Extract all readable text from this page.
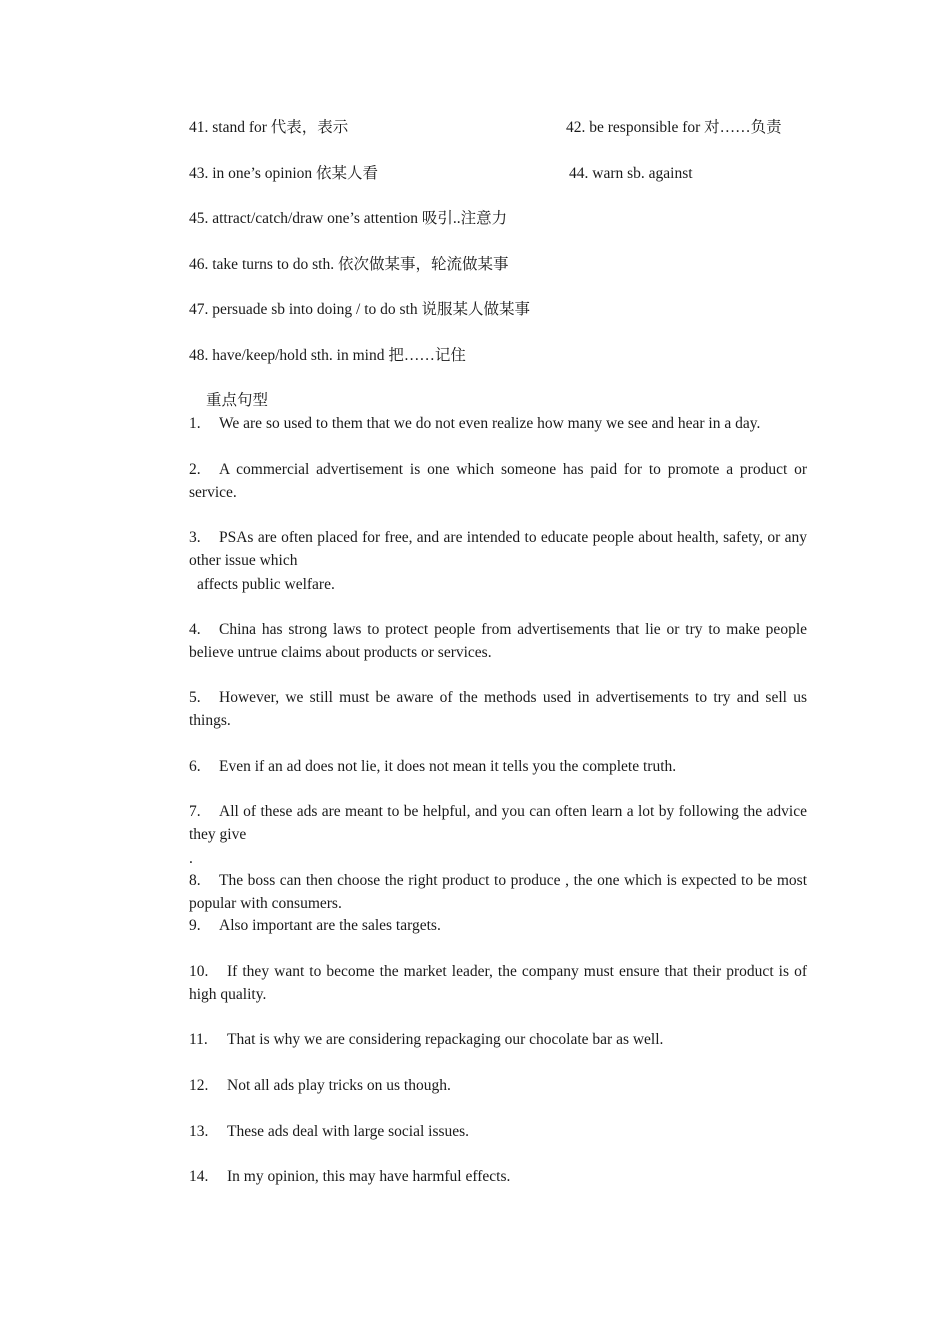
41. stand for 代表，表示	42. be responsible for 对……负责
43. in one’s opinion 依某人看	44. warn sb. against
45. attract/catch/draw one’s attention 吸引..注意力
46. take turns to do sth. 依次做某事，轮流做某事
47. persuade sb into doing / to do sth 说服某人做某事
48. have/keep/hold sth. in mind 把……记住
重点句型
1. We are so used to them that we do not even realize how many we see and hear in a day.
2. A commercial advertisement is one which someone has paid for to promote a product or service.
3. PSAs are often placed for free, and are intended to educate people about health, safety, or any other issue which
affects public welfare.
4. China has strong laws to protect people from advertisements that lie or try to make people believe untrue claims about products or services.
5. However, we still must be aware of the methods used in advertisements to try and sell us things.
6. Even if an ad does not lie, it does not mean it tells you the complete truth.
7. All of these ads are meant to be helpful, and you can often learn a lot by following the advice they give
.
8. The boss can then choose the right product to produce , the one which is expected to be most popular with consumers.
9. Also important are the sales targets.
10. If they want to become the market leader, the company must ensure that their product is of high quality.
11. That is why we are considering repackaging our chocolate bar as well.
12. Not all ads play tricks on us though.
13. These ads deal with large social issues.
14. In my opinion, this may have harmful effects.
